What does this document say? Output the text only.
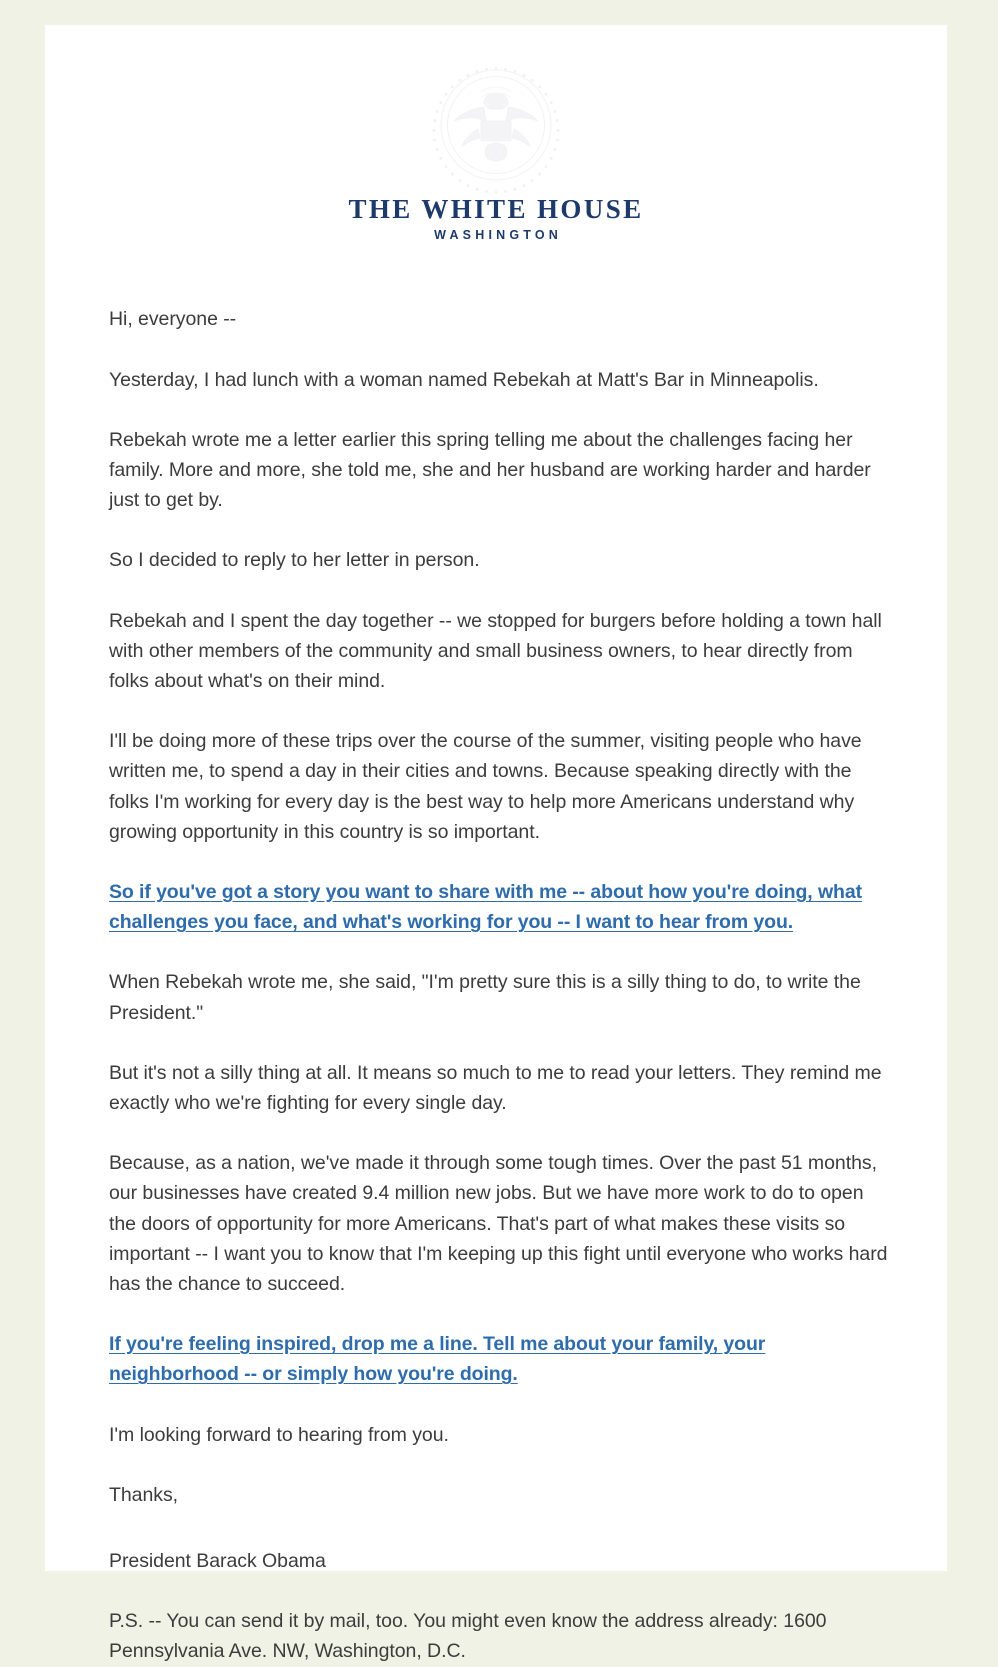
THE WHITE HOUSE
WASHINGTON

Hi, everyone --

Yesterday, I had lunch with a woman named Rebekah at Matt's Bar in Minneapolis.

Rebekah wrote me a letter earlier this spring telling me about the challenges facing her family. More and more, she told me, she and her husband are working harder and harder just to get by.

So I decided to reply to her letter in person.

Rebekah and I spent the day together -- we stopped for burgers before holding a town hall with other members of the community and small business owners, to hear directly from folks about what's on their mind.

I'll be doing more of these trips over the course of the summer, visiting people who have written me, to spend a day in their cities and towns. Because speaking directly with the folks I'm working for every day is the best way to help more Americans understand why growing opportunity in this country is so important.

So if you've got a story you want to share with me -- about how you're doing, what challenges you face, and what's working for you -- I want to hear from you.

When Rebekah wrote me, she said, "I'm pretty sure this is a silly thing to do, to write the President."

But it's not a silly thing at all. It means so much to me to read your letters. They remind me exactly who we're fighting for every single day.

Because, as a nation, we've made it through some tough times. Over the past 51 months, our businesses have created 9.4 million new jobs. But we have more work to do to open the doors of opportunity for more Americans. That's part of what makes these visits so important -- I want you to know that I'm keeping up this fight until everyone who works hard has the chance to succeed.

If you're feeling inspired, drop me a line. Tell me about your family, your neighborhood -- or simply how you're doing.

I'm looking forward to hearing from you.

Thanks,

President Barack Obama

P.S. -- You can send it by mail, too. You might even know the address already: 1600 Pennsylvania Ave. NW, Washington, D.C.
